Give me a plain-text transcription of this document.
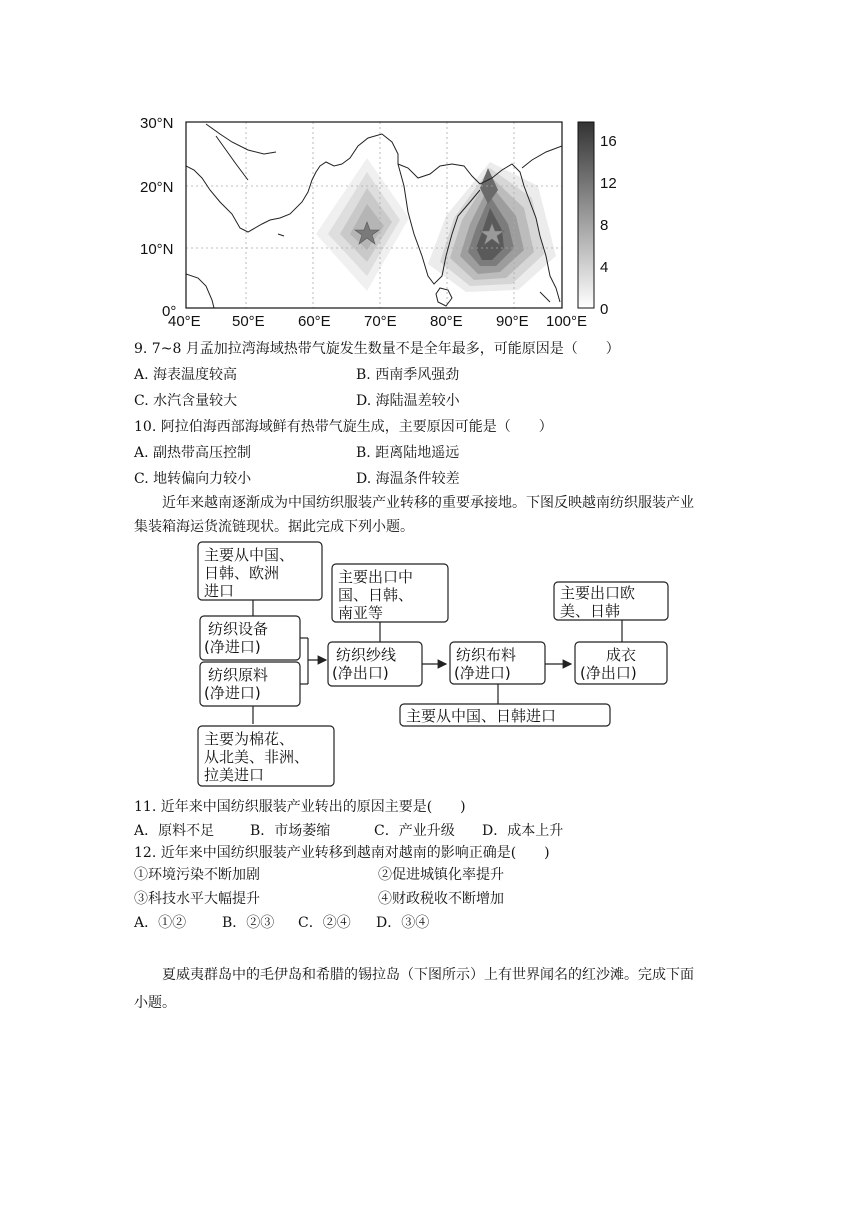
30°N
20°N
10°N
0°
40°E 50°E 60°E 70°E 80°E 90°E 100°E
16
12
8
4
0
9. 7~8 月孟加拉湾海域热带气旋发生数量不是全年最多，可能原因是（　　）
A. 海表温度较高	B. 西南季风强劲
C. 水汽含量较大	D. 海陆温差较小
10. 阿拉伯海西部海域鲜有热带气旋生成，主要原因可能是（　　）
A. 副热带高压控制	B. 距离陆地遥远
C. 地转偏向力较小	D. 海温条件较差
近年来越南逐渐成为中国纺织服装产业转移的重要承接地。下图反映越南纺织服装产业
集装箱海运货流链现状。据此完成下列小题。
主要从中国、
日韩、欧洲
进口
纺织设备
(净进口)
纺织原料
(净进口)
主要为棉花、
从北美、非洲、
拉美进口
主要出口中
国、日韩、
南亚等
纺织纱线
(净出口)
纺织布料
(净进口)
主要从中国、日韩进口
主要出口欧
美、日韩
成衣
(净出口)
11. 近年来中国纺织服装产业转出的原因主要是(　　)
A．原料不足	B．市场萎缩	C．产业升级 D．成本上升
12. 近年来中国纺织服装产业转移到越南对越南的影响正确是(　　)
①环境污染不断加剧	②促进城镇化率提升
③科技水平大幅提升	④财政税收不断增加
A．①②	B．②③ C．②④ D．③④
夏威夷群岛中的毛伊岛和希腊的锡拉岛（下图所示）上有世界闻名的红沙滩。完成下面
小题。
